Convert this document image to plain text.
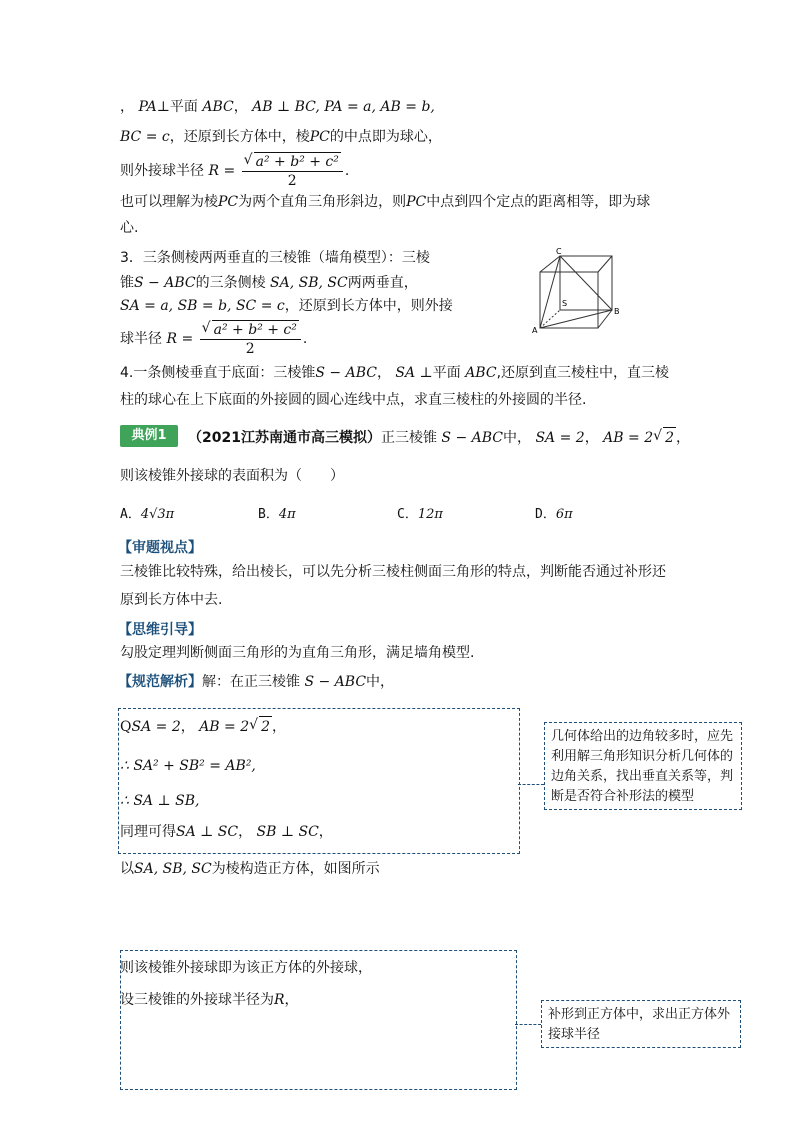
， PA⊥平面 ABC， AB ⊥ BC, PA = a, AB = b,
BC = c，还原到长方体中，棱PC的中点即为球心，
则外接球半径 R = √ $\frac{\text{a² + b² + c²}}{2}$ .
也可以理解为棱PC为两个直角三角形斜边，则PC中点到四个定点的距离相等，即为球
心.
3．三条侧棱两两垂直的三棱锥（墙角模型）：三棱
锥S − ABC的三条侧棱 SA, SB, SC两两垂直，
SA = a, SB = b, SC = c，还原到长方体中，则外接
球半径 R = √ $\frac{\text{a² + b² + c²}}{2}$ .
C
S
B
A
4.一条侧棱垂直于底面：三棱锥S − ABC， SA ⊥平面 ABC,还原到直三棱柱中，直三棱
柱的球心在上下底面的外接圆的圆心连线中点，求直三棱柱的外接圆的半径.
典例1	（2021江苏南通市高三模拟）正三棱锥 S − ABC中， SA = 2， AB = 2 √ 2 ，
则该棱锥外接球的表面积为（　　）
A．4√3π	B．4π	C．12π	D．6π
【审题视点】
三棱锥比较特殊，给出棱长，可以先分析三棱柱侧面三角形的特点，判断能否通过补形还
原到长方体中去.
【思维引导】
勾股定理判断侧面三角形的为直角三角形，满足墙角模型.
【规范解析】解：在正三棱锥 S − ABC中，
QSA = 2， AB = 2 √ 2 ，
∴ SA² + SB² = AB²,
∴ SA ⊥ SB,
同理可得SA ⊥ SC， SB ⊥ SC，
几何体给出的边角较多时，应先利用解三角形知识分析几何体的边角关系，找出垂直关系等，判断是否符合补形法的模型
以SA, SB, SC为棱构造正方体，如图所示
则该棱锥外接球即为该正方体的外接球，
设三棱锥的外接球半径为R，
补形到正方体中，求出正方体外接球半径
